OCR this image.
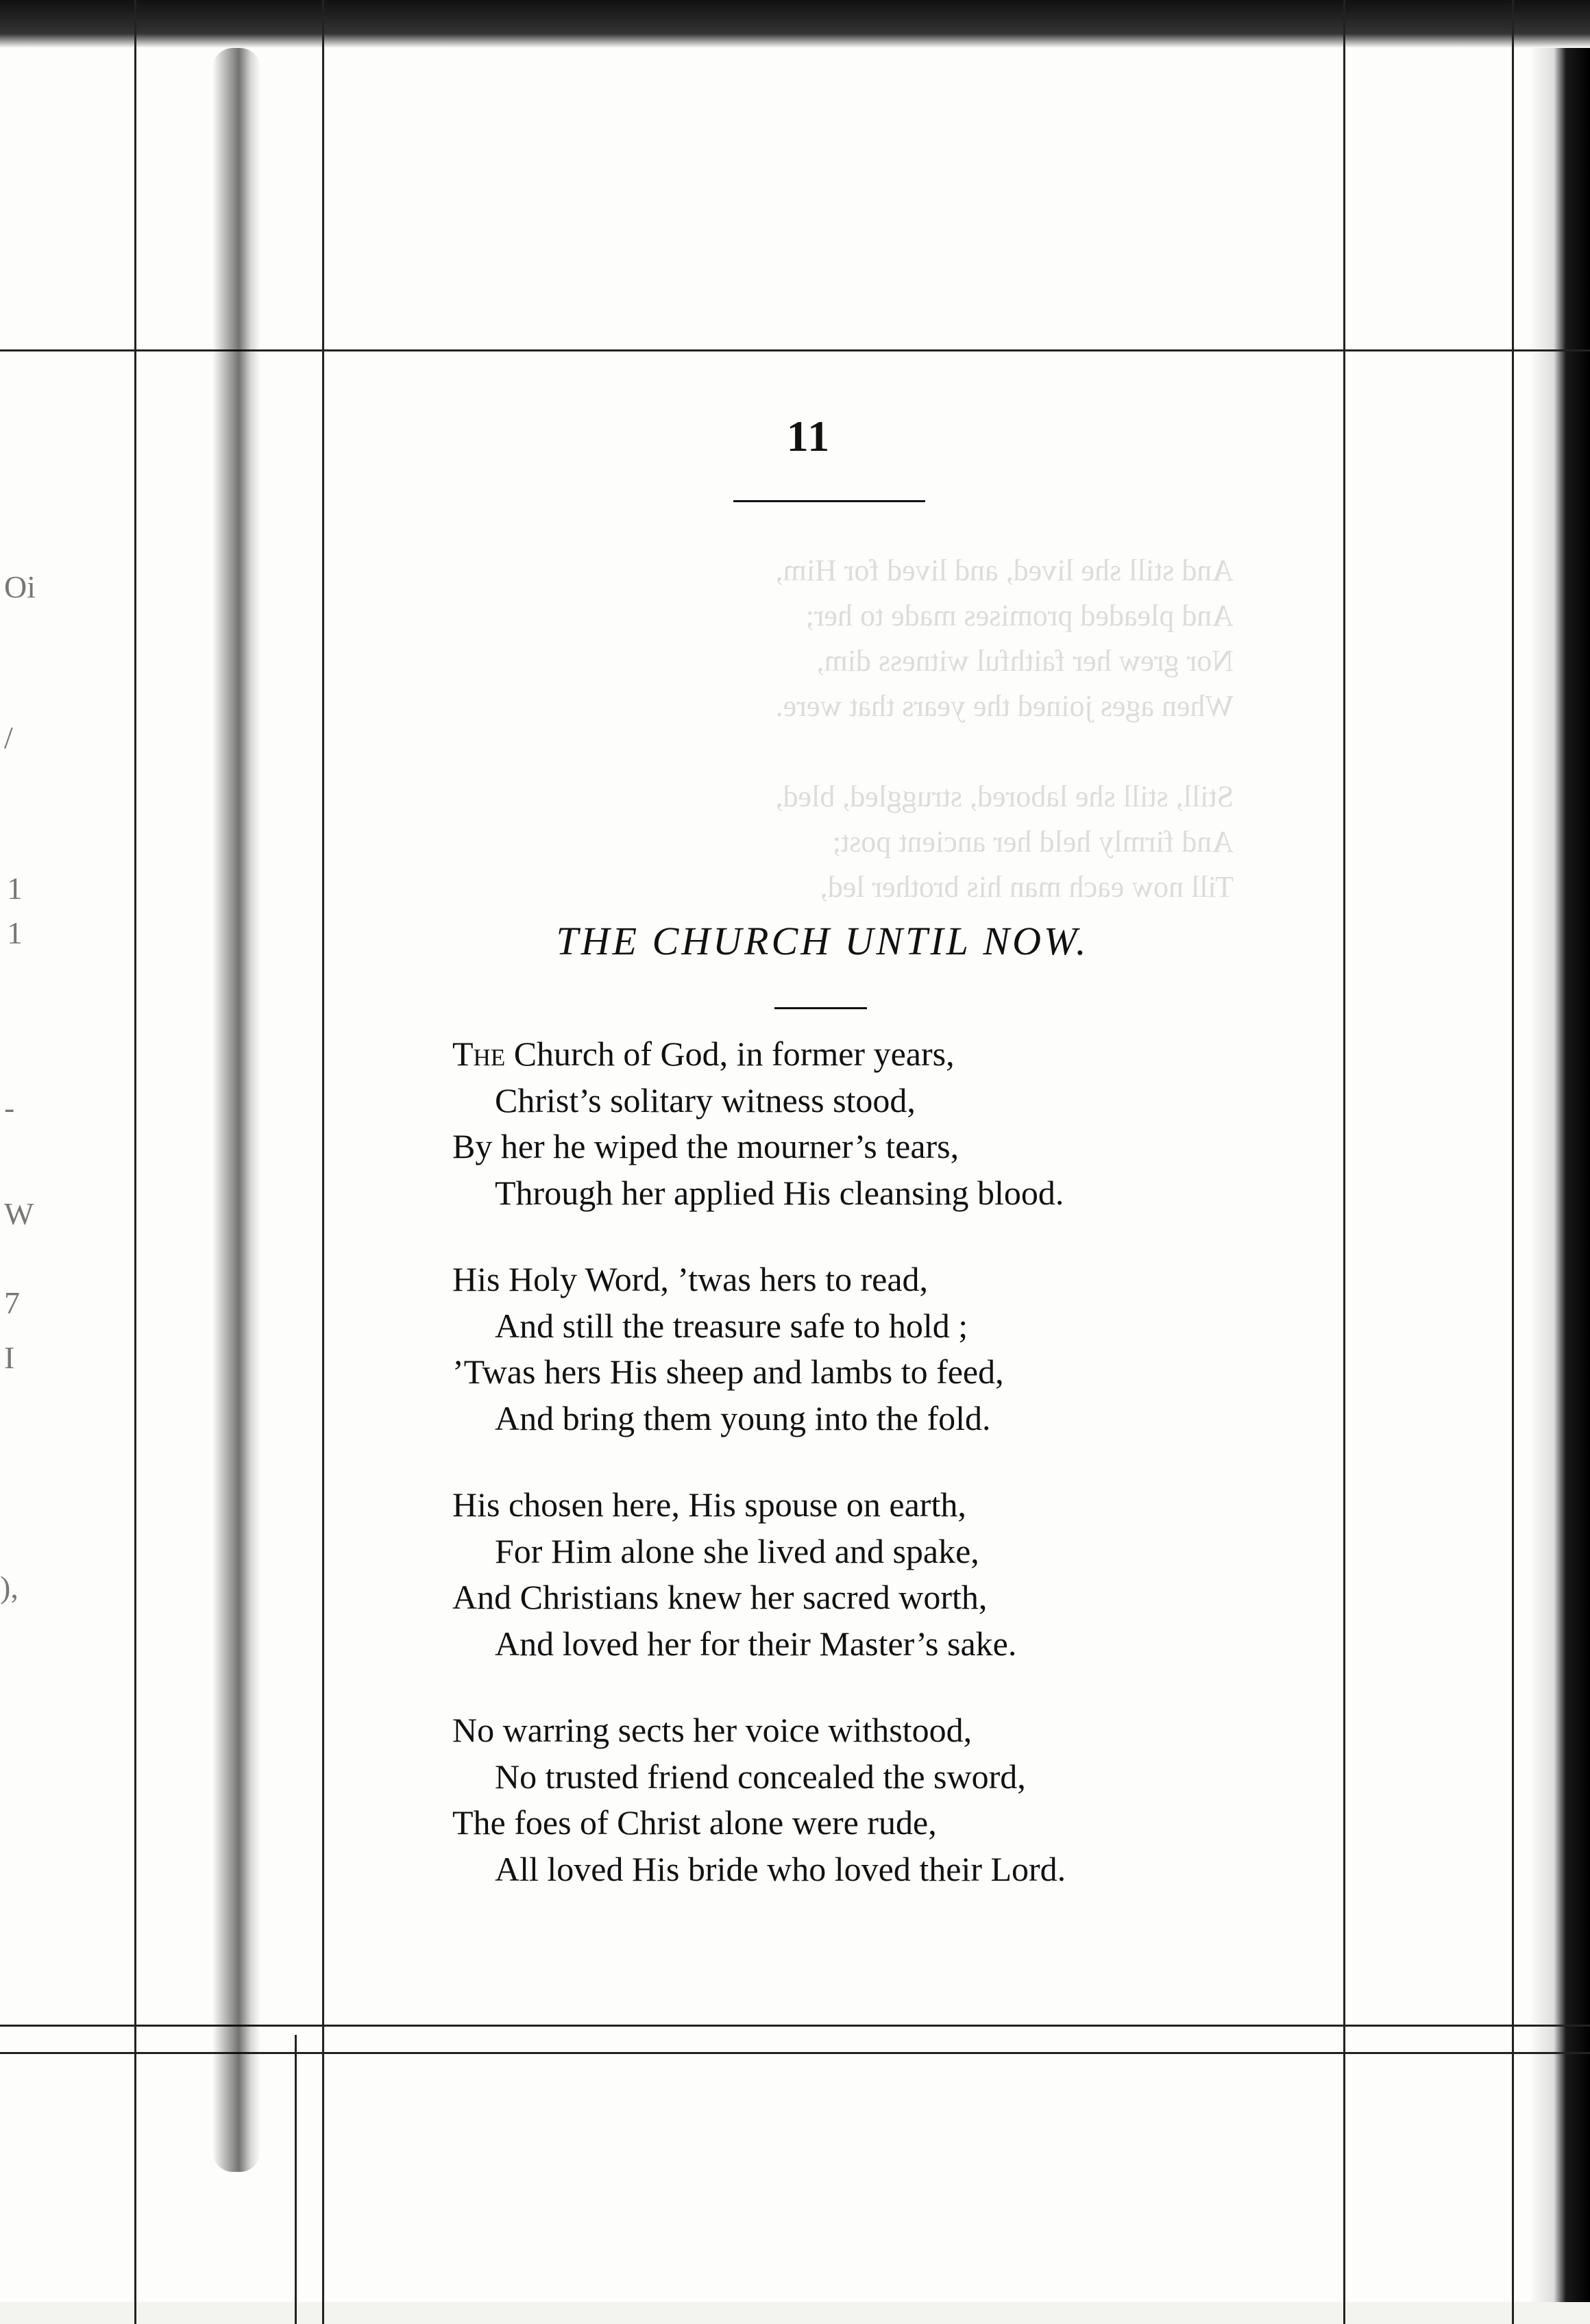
And still she lived, and lived for Him,
And pleaded promises made to her;
Nor grew her faithful witness dim,
When ages joined the years that were.

Still, still she labored, struggled, bled,
And firmly held her ancient post;
Till now each man his brother led,
Oi
/
1
1
-
W
7
I
),
11
THE CHURCH UNTIL NOW.
The Church of God, in former years,
Christ’s solitary witness stood,
By her he wiped the mourner’s tears,
Through her applied His cleansing blood.
His Holy Word, ’twas hers to read,
And still the treasure safe to hold ;
’Twas hers His sheep and lambs to feed,
And bring them young into the fold.
His chosen here, His spouse on earth,
For Him alone she lived and spake,
And Christians knew her sacred worth,
And loved her for their Master’s sake.
No warring sects her voice withstood,
No trusted friend concealed the sword,
The foes of Christ alone were rude,
All loved His bride who loved their Lord.
